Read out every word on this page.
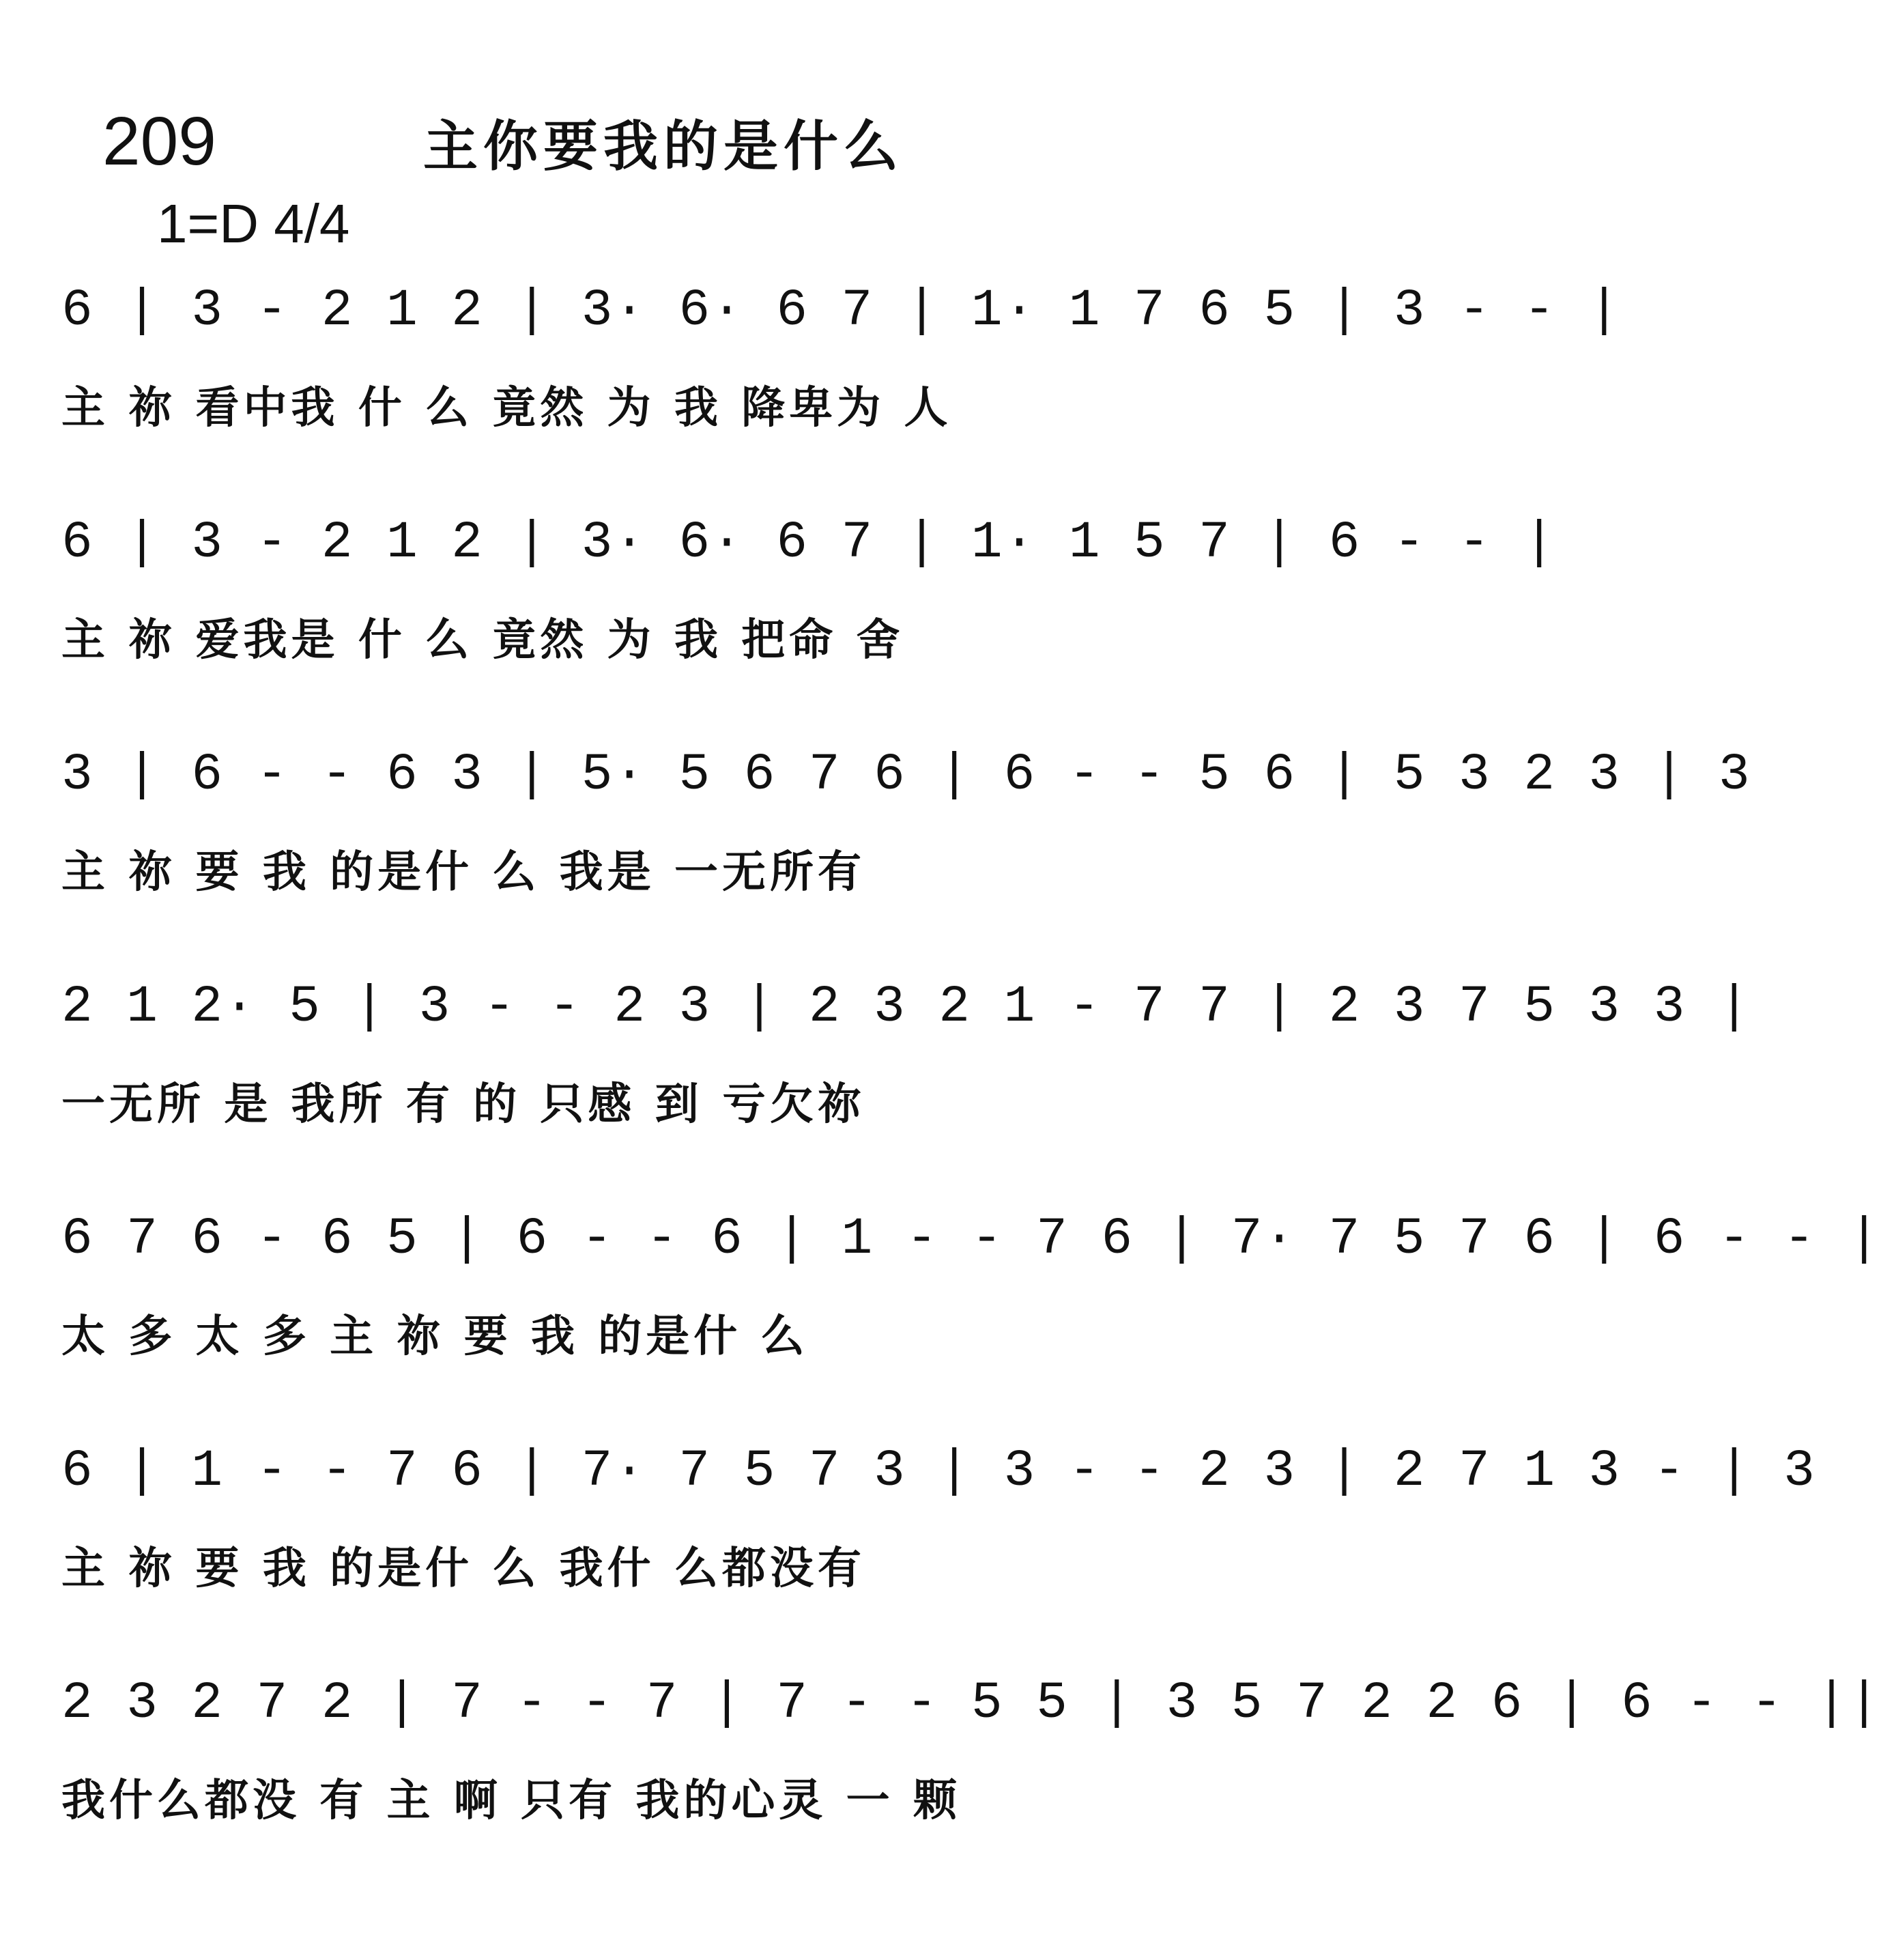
209	主你要我的是什么
1=D 4/4
6 | 3 - 2 1 2 | 3· 6· 6 7 | 1· 1 7 6 5 | 3 - - |
主 祢 看中我 什 么 竟然 为 我 降卑为 人
6 | 3 - 2 1 2 | 3· 6· 6 7 | 1· 1 5 7 | 6 - - |
主 祢 爱我是 什 么 竟然 为 我 把命 舍
3 | 6 - - 6 3 | 5· 5 6 7 6 | 6 - - 5 6 | 5 3 2 3 | 3
主 祢 要 我 的是什 么 我是 一无所有
2 1 2· 5 | 3 - - 2 3 | 2 3 2 1 - 7 7 | 2 3 7 5 3 3 |
一无所 是 我所 有 的 只感 到 亏欠祢
6 7 6 - 6 5 | 6 - - 6 | 1 - - 7 6 | 7· 7 5 7 6 | 6 - - |
太 多 太 多 主 祢 要 我 的是什 么
6 | 1 - - 7 6 | 7· 7 5 7 3 | 3 - - 2 3 | 2 7 1 3 - | 3
主 祢 要 我 的是什 么 我什 么都没有
2 3 2 7 2 | 7 - - 7 | 7 - - 5 5 | 3 5 7 2 2 6 | 6 - - ||
我什么都没 有 主 啊 只有 我的心灵 一 颗
